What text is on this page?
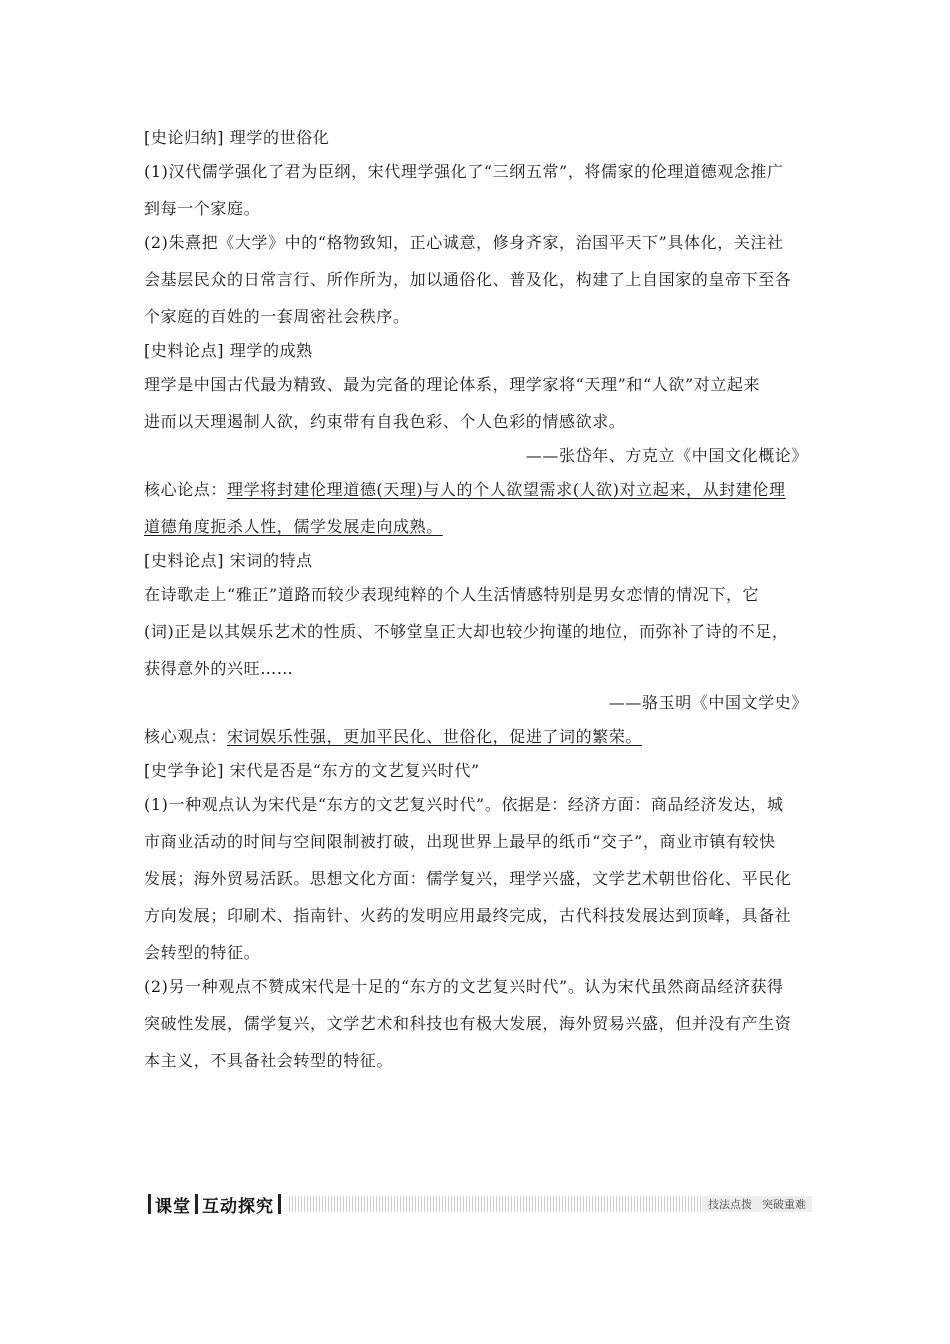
[史论归纳] 理学的世俗化
(1)汉代儒学强化了君为臣纲，宋代理学强化了“三纲五常”，将儒家的伦理道德观念推广
到每一个家庭。
(2)朱熹把《大学》中的“格物致知，正心诚意，修身齐家，治国平天下”具体化，关注社
会基层民众的日常言行、所作所为，加以通俗化、普及化，构建了上自国家的皇帝下至各
个家庭的百姓的一套周密社会秩序。
[史料论点] 理学的成熟
理学是中国古代最为精致、最为完备的理论体系，理学家将“天理”和“人欲”对立起来
进而以天理遏制人欲，约束带有自我色彩、个人色彩的情感欲求。
——张岱年、方克立《中国文化概论》
核心论点：理学将封建伦理道德(天理)与人的个人欲望需求(人欲)对立起来，从封建伦理
道德角度扼杀人性，儒学发展走向成熟。
[史料论点] 宋词的特点
在诗歌走上“雅正”道路而较少表现纯粹的个人生活情感特别是男女恋情的情况下，它
(词)正是以其娱乐艺术的性质、不够堂皇正大却也较少拘谨的地位，而弥补了诗的不足，
获得意外的兴旺……
——骆玉明《中国文学史》
核心观点：宋词娱乐性强，更加平民化、世俗化，促进了词的繁荣。
[史学争论] 宋代是否是“东方的文艺复兴时代”
(1)一种观点认为宋代是“东方的文艺复兴时代”。依据是：经济方面：商品经济发达，城
市商业活动的时间与空间限制被打破，出现世界上最早的纸币“交子”，商业市镇有较快
发展；海外贸易活跃。思想文化方面：儒学复兴，理学兴盛，文学艺术朝世俗化、平民化
方向发展；印刷术、指南针、火药的发明应用最终完成，古代科技发展达到顶峰，具备社
会转型的特征。
(2)另一种观点不赞成宋代是十足的“东方的文艺复兴时代”。认为宋代虽然商品经济获得
突破性发展，儒学复兴，文学艺术和科技也有极大发展，海外贸易兴盛，但并没有产生资
本主义，不具备社会转型的特征。
课堂 互动探究	技法点拨 突破重难
